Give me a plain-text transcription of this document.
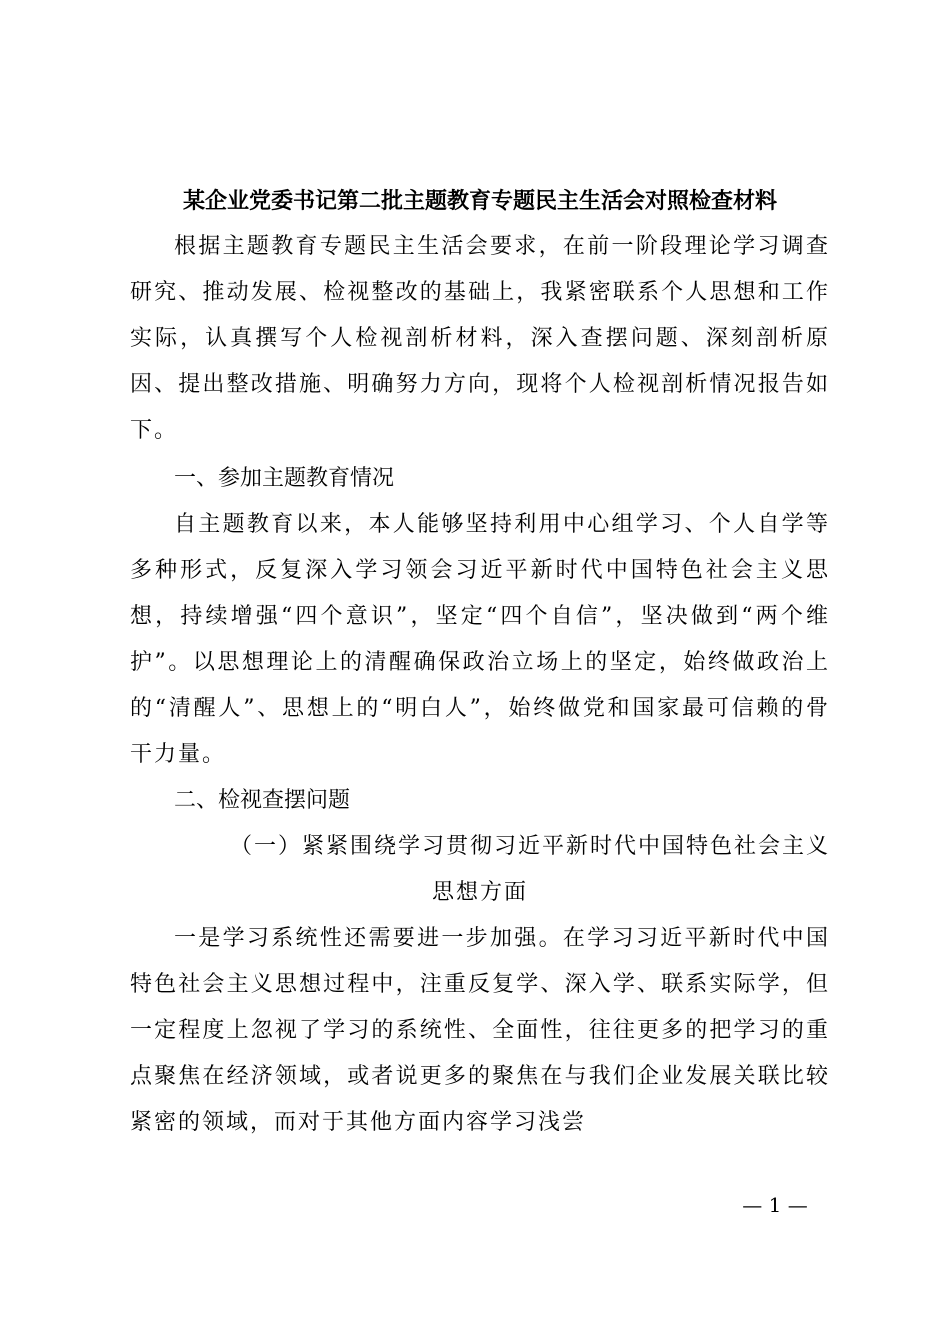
某企业党委书记第二批主题教育专题民主生活会对照检查材料

根据主题教育专题民主生活会要求，在前一阶段理论学习调查研究、推动发展、检视整改的基础上，我紧密联系个人思想和工作实际，认真撰写个人检视剖析材料，深入查摆问题、深刻剖析原因、提出整改措施、明确努力方向，现将个人检视剖析情况报告如下。

一、参加主题教育情况

自主题教育以来，本人能够坚持利用中心组学习、个人自学等多种形式，反复深入学习领会习近平新时代中国特色社会主义思想，持续增强“四个意识”，坚定“四个自信”，坚决做到“两个维护”。以思想理论上的清醒确保政治立场上的坚定，始终做政治上的“清醒人”、思想上的“明白人”，始终做党和国家最可信赖的骨干力量。

二、检视查摆问题

（一）紧紧围绕学习贯彻习近平新时代中国特色社会主义
思想方面

一是学习系统性还需要进一步加强。在学习习近平新时代中国特色社会主义思想过程中，注重反复学、深入学、联系实际学，但一定程度上忽视了学习的系统性、全面性，往往更多的把学习的重点聚焦在经济领域，或者说更多的聚焦在与我们企业发展关联比较紧密的领域，而对于其他方面内容学习浅尝

— 1 —
